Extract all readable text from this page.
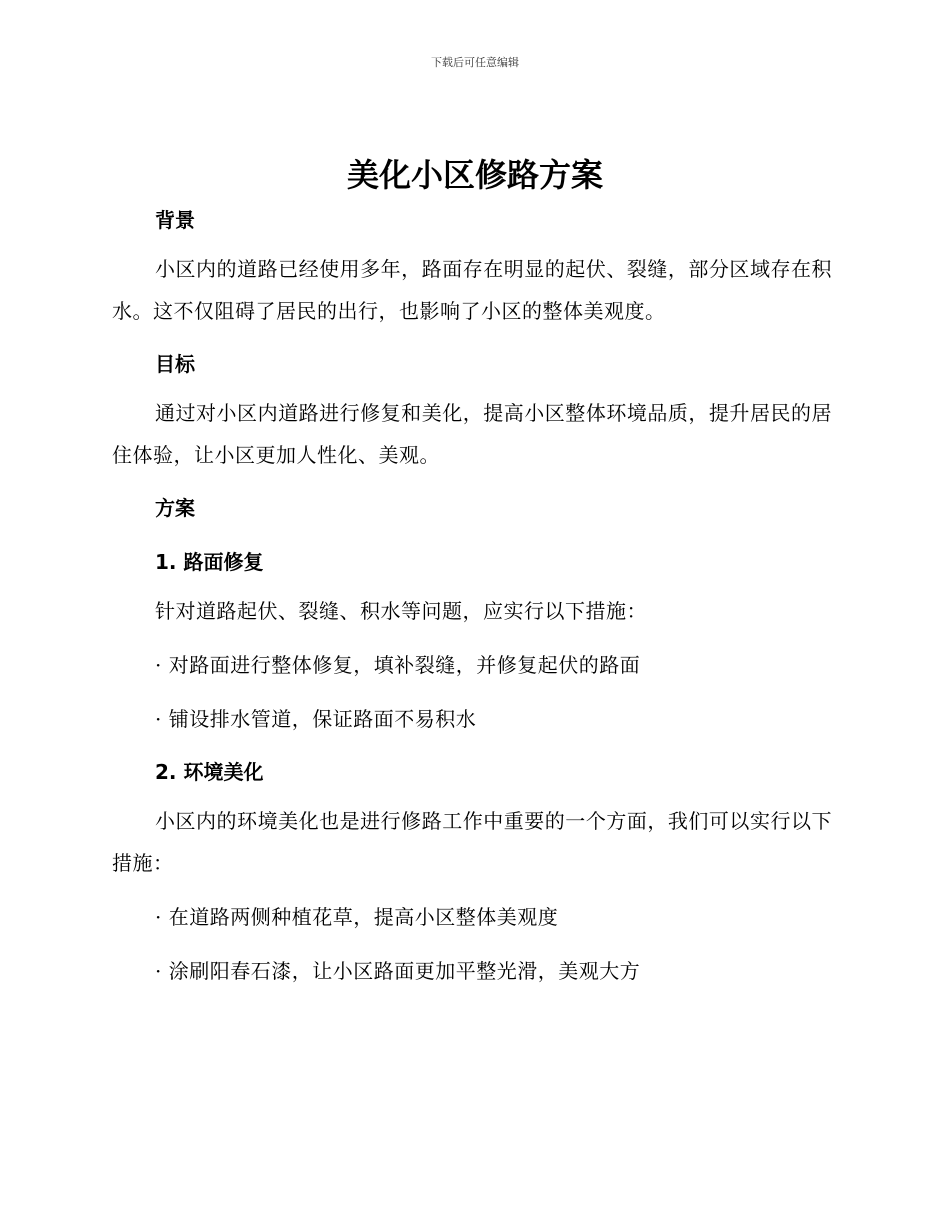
下载后可任意编辑
美化小区修路方案
背景

小区内的道路已经使用多年，路面存在明显的起伏、裂缝，部分区域存在积水。这不仅阻碍了居民的出行，也影响了小区的整体美观度。

目标

通过对小区内道路进行修复和美化，提高小区整体环境品质，提升居民的居住体验，让小区更加人性化、美观。

方案
1. 路面修复

针对道路起伏、裂缝、积水等问题，应实行以下措施：

· 对路面进行整体修复，填补裂缝，并修复起伏的路面

· 铺设排水管道，保证路面不易积水

2. 环境美化

小区内的环境美化也是进行修路工作中重要的一个方面，我们可以实行以下措施：

· 在道路两侧种植花草，提高小区整体美观度

· 涂刷阳春石漆，让小区路面更加平整光滑，美观大方
